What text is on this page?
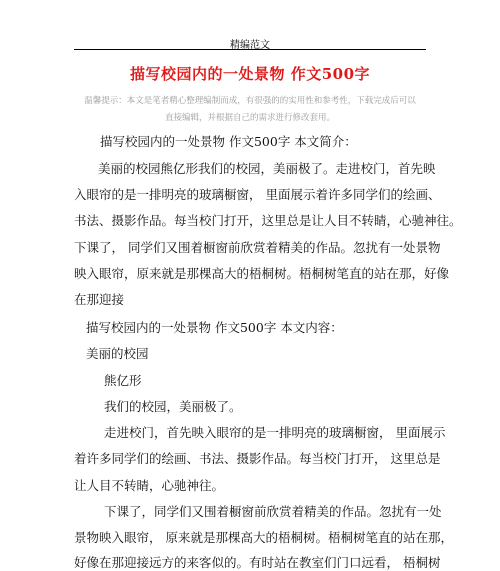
精编范文
描写校园内的一处景物 作文500字
温馨提示：本文是笔者精心整理编制而成，有很强的的实用性和参考性，下载完成后可以
直接编辑，并根据自己的需求进行修改套用。
描写校园内的一处景物 作文500字 本文简介：
美丽的校园熊亿形我们的校园，美丽极了。走进校门，首先映
入眼帘的是一排明亮的玻璃橱窗， 里面展示着许多同学们的绘画、
书法、摄影作品。每当校门打开，这里总是让人目不转睛，心驰神往。
下课了， 同学们又围着橱窗前欣赏着精美的作品。忽扰有一处景物
映入眼帘，原来就是那棵高大的梧桐树。梧桐树笔直的站在那，好像
在那迎接
描写校园内的一处景物 作文500字 本文内容：
美丽的校园
熊亿形
我们的校园，美丽极了。
走进校门，首先映入眼帘的是一排明亮的玻璃橱窗， 里面展示
着许多同学们的绘画、书法、摄影作品。每当校门打开， 这里总是
让人目不转睛，心驰神往。
下课了，同学们又围着橱窗前欣赏着精美的作品。忽扰有一处
景物映入眼帘， 原来就是那棵高大的梧桐树。梧桐树笔直的站在那，
好像在那迎接远方的来客似的。有时站在教室们门口远看， 梧桐树
